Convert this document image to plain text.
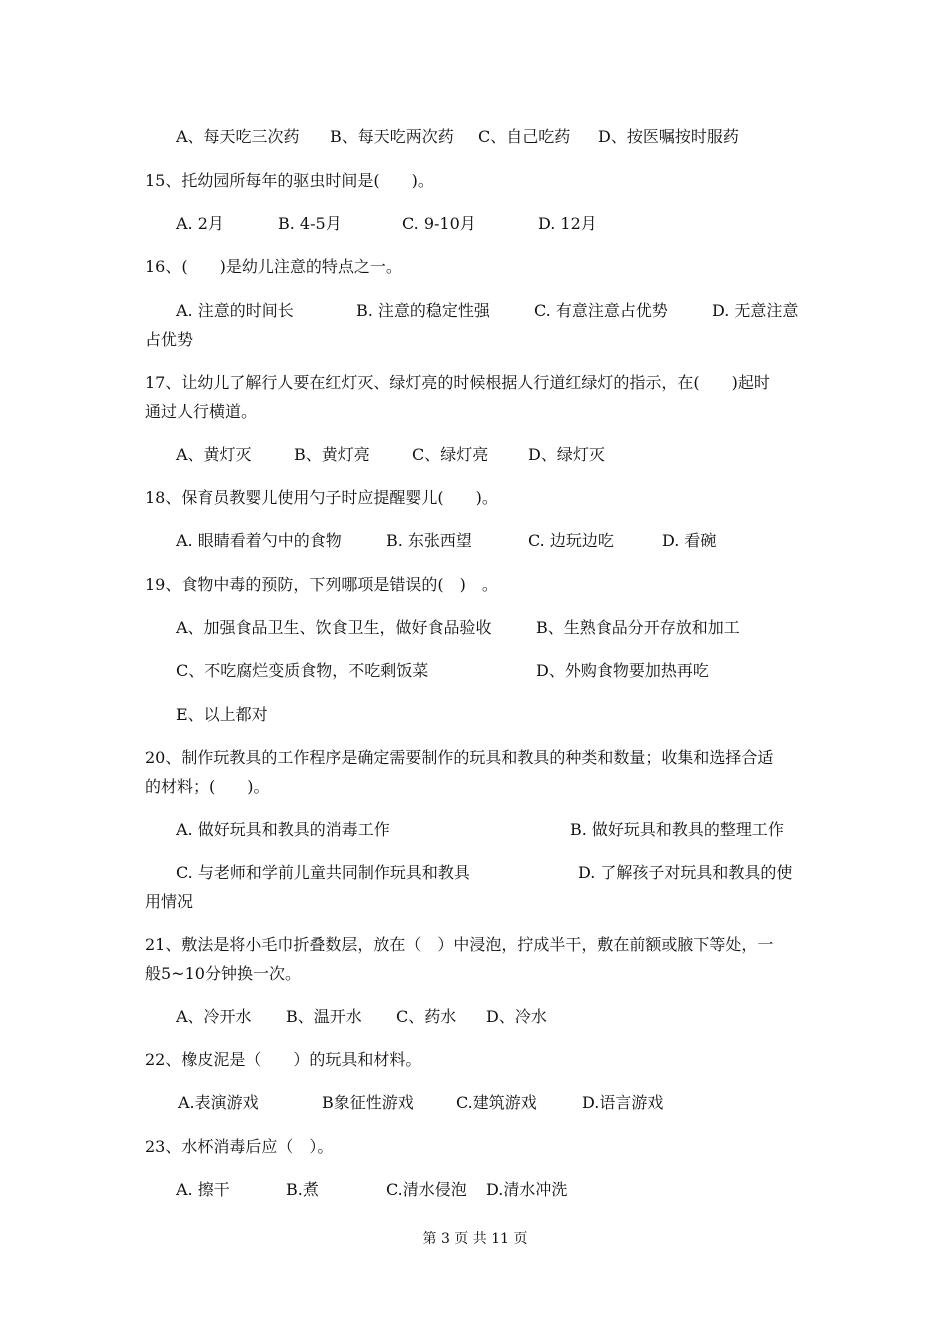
A、每天吃三次药

B、每天吃两次药

C、自己吃药

D、按医嘱按时服药

15、托幼园所每年的驱虫时间是(　　)。

A. 2月

	B. 4-5月

	C. 9-10月

	D. 12月

16、(　　)是幼儿注意的特点之一。

A. 注意的时间长

	B. 注意的稳定性强

	C. 有意注意占优势

	D. 无意注意

占优势
17、让幼儿了解行人要在红灯灭、绿灯亮的时候根据人行道红绿灯的指示，在(　　)起时
通过人行横道。

A、黄灯灭

	B、黄灯亮

	C、绿灯亮

D、绿灯灭

18、保育员教婴儿使用勺子时应提醒婴儿(　　)。

A. 眼睛看着勺中的食物

	B. 东张西望

	C. 边玩边吃

	D. 看碗

19、食物中毒的预防，下列哪项是错误的(　)　。

A、加强食品卫生、饮食卫生，做好食品验收

	B、生熟食品分开存放和加工

C、不吃腐烂变质食物，不吃剩饭菜

	D、外购食物要加热再吃

E、以上都对
20、制作玩教具的工作程序是确定需要制作的玩具和教具的种类和数量；收集和选择合适
的材料；(　　)。

A. 做好玩具和教具的消毒工作

	B. 做好玩具和教具的整理工作

C. 与老师和学前儿童共同制作玩具和教具

	D. 了解孩子对玩具和教具的使

用情况
21、敷法是将小毛巾折叠数层，放在（　）中浸泡，拧成半干，敷在前额或腋下等处，一
般5~10分钟换一次。

A、冷开水

B、温开水

C、药水

D、冷水

22、橡皮泥是（　　）的玩具和材料。

A.表演游戏

	B象征性游戏

	C.建筑游戏

	D.语言游戏

23、水杯消毒后应（　）。

A. 擦干

	B.煮

	C.清水侵泡

D.清水冲洗

第 3 页 共 11 页
